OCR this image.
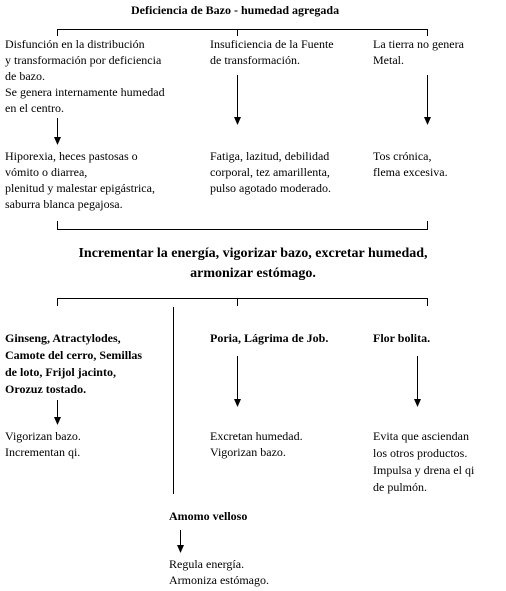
Deficiencia de Bazo - humedad agregada

Disfunción en la distribución
y transformación por deficiencia
de bazo.
Se genera internamente humedad
en el centro.

Insuficiencia de la Fuente
de transformación.

La tierra no genera
Metal.

Hiporexia, heces pastosas o
vómito o diarrea,
plenitud y malestar epigástrica,
saburra blanca pegajosa.

Fatiga, lazitud, debilidad
corporal, tez amarillenta,
pulso agotado moderado.

Tos crónica,
flema excesiva.

Incrementar la energía, vigorizar bazo, excretar humedad,
armonizar estómago.

Ginseng, Atractylodes,
Camote del cerro, Semillas
de loto, Frijol jacinto,
Orozuz tostado.

Poria, Lágrima de Job.	Flor bolita.

Vigorizan bazo.
Incrementan qi.

Excretan humedad.
Vigorizan bazo.

Evita que asciendan
los otros productos.
Impulsa y drena el qi
de pulmón.

Amomo velloso

Regula energía.
Armoniza estómago.
